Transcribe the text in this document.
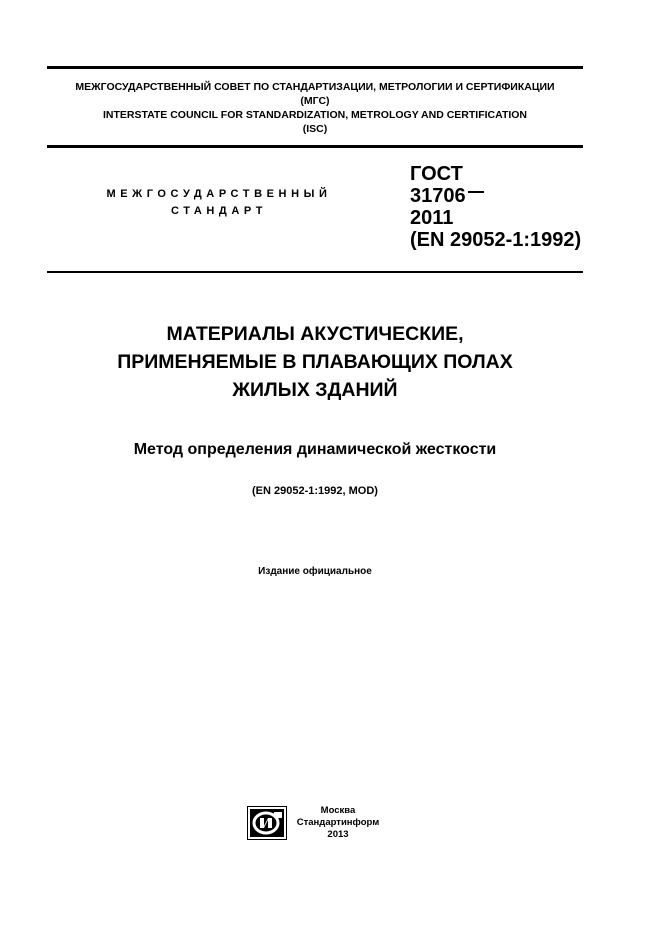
МЕЖГОСУДАРСТВЕННЫЙ СОВЕТ ПО СТАНДАРТИЗАЦИИ, МЕТРОЛОГИИ И СЕРТИФИКАЦИИ
(МГС)
INTERSTATE COUNCIL FOR STANDARDIZATION, METROLOGY AND CERTIFICATION
(ISC)
МЕЖГОСУДАРСТВЕННЫЙ
СТАНДАРТ
ГОСТ
31706
2011
(EN 29052-1:1992)
МАТЕРИАЛЫ АКУСТИЧЕСКИЕ,
ПРИМЕНЯЕМЫЕ В ПЛАВАЮЩИХ ПОЛАХ
ЖИЛЫХ ЗДАНИЙ
Метод определения динамической жесткости
(EN 29052-1:1992, MOD)
Издание официальное
Москва
Стандартинформ
2013
